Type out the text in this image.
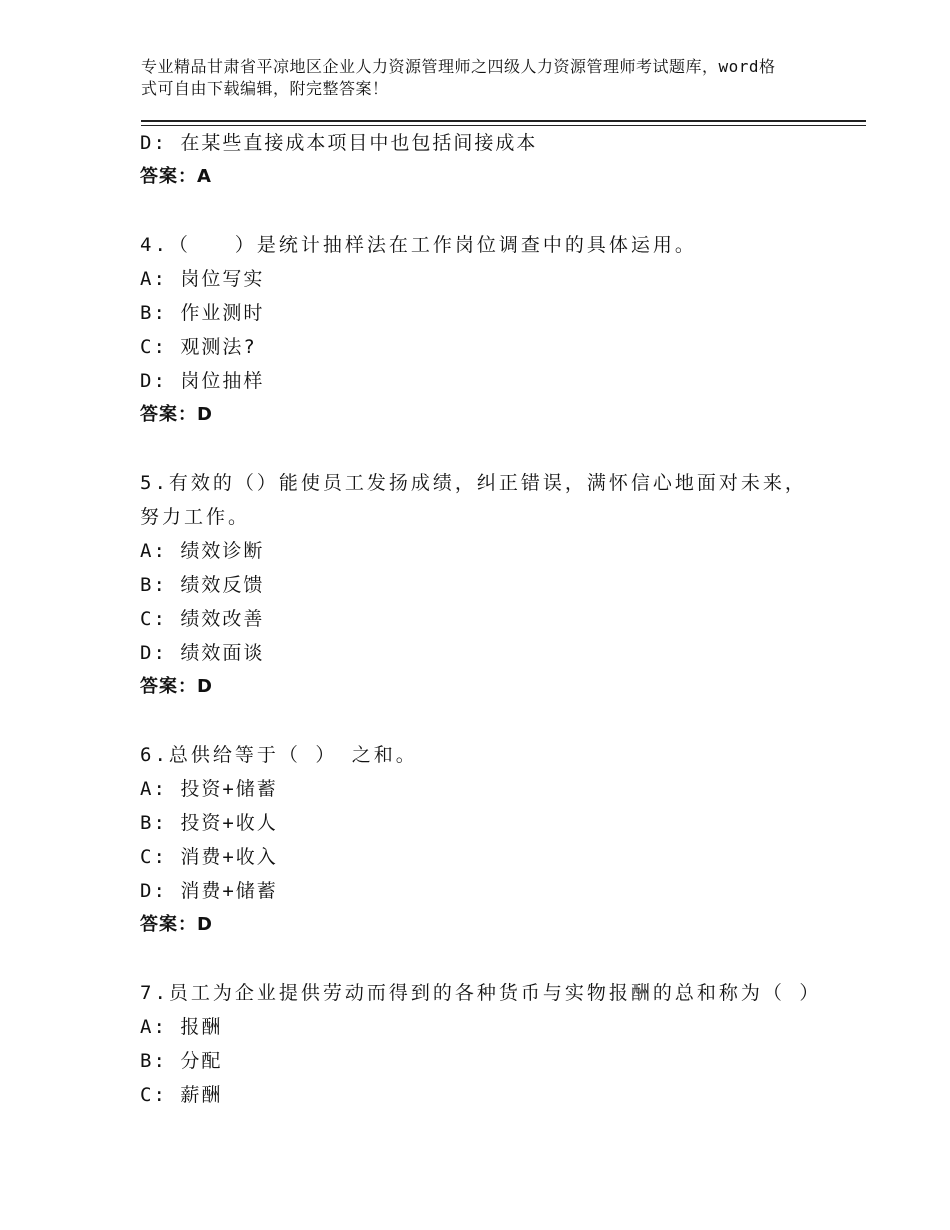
专业精品甘肃省平凉地区企业人力资源管理师之四级人力资源管理师考试题库，word格式可自由下载编辑，附完整答案！
D: 在某些直接成本项目中也包括间接成本
答案：A
4.（　　）是统计抽样法在工作岗位调查中的具体运用。
A: 岗位写实
B: 作业测时
C: 观测法?
D: 岗位抽样
答案：D
5.有效的（）能使员工发扬成绩，纠正错误，满怀信心地面对未来，努力工作。
A: 绩效诊断
B: 绩效反馈
C: 绩效改善
D: 绩效面谈
答案：D
6.总供给等于（ ） 之和。
A: 投资+储蓄
B: 投资+收人
C: 消费+收入
D: 消费+储蓄
答案：D
7.员工为企业提供劳动而得到的各种货币与实物报酬的总和称为（ ）
A: 报酬
B: 分配
C: 薪酬
